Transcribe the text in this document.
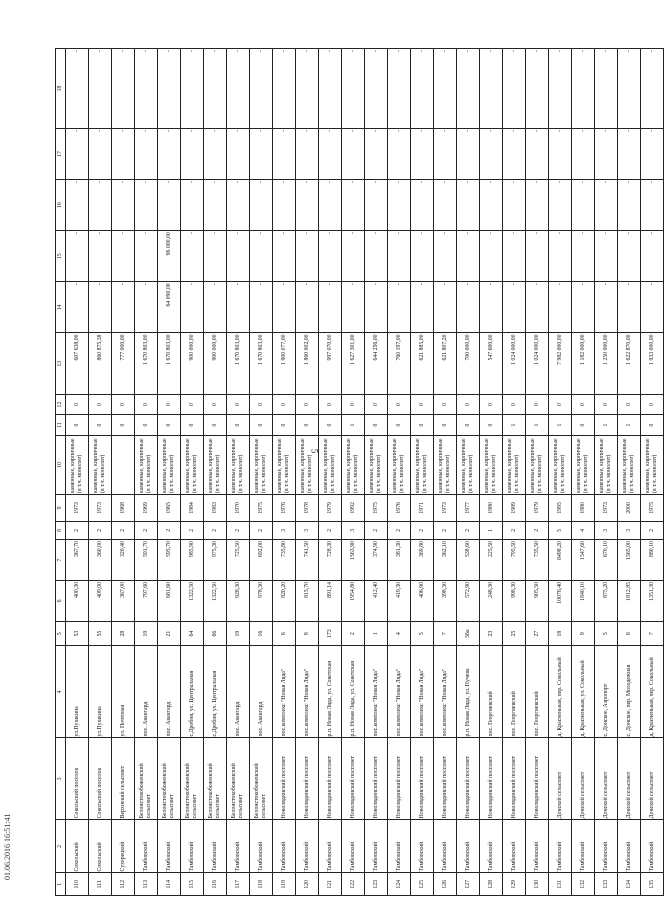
5
1	2	3	4	5	6	7	8	9	10	11	12	13	14	15	16	17	18
110	Сокольский	Сокольский поселок	ул.Пушкина	53	400,30	367,70	2	1973	каменные, кирпичные (в т.ч. монолит)	0	0	607 638,00	-	-	-	-	-
111	Сокольский	Сокольский поселок	ул.Пушкина	55	409,00	360,00	2	1973	каменные, кирпичные (в т.ч. монолит)	0	0	860 875,38	-	-	-	-	-
112	Сухорецкий	Верхнекий сельсовет	ул. Почтовая	28	367,00	320,40	2	1968		0	0	777 000,00	-	-	-	-	-
113	Тамбовский	Белоистокобоженский сельсовет	пос. Авангард	19	797,60	591,70	2	1969	каменные, кирпичные (в т.ч. монолит)	0	0	1 670 803,00	-	-	-	-	-
114	Тамбовский	Белоистокобоженский сельсовет	пос. Авангард	21	681,60	595,70	2	1965	каменные, кирпичные (в т.ч. монолит)	0	0	1 670 803,00	64 090,00	96 000,00	-	-	-
115	Тамбовский	Белоистокобоженский сельсовет	с.Дробня, ул. Центральная	64	1322,50	985,90	2	1984	каменные, кирпичные (в т.ч. монолит)	0	0	900 000,00	-	-	-	-	-
116	Тамбовский	Белоистокобоженский сельсовет	с.Дробня, ул. Центральная	66	1322,50	975,30	2	1983	каменные, кирпичные (в т.ч. монолит)	0	0	900 000,00	-	-	-	-	-
117	Тамбовский	Белоистокобоженский сельсовет	пос. Авангард	19	928,30	725,50	2	1970	каменные, кирпичные (в т.ч. монолит)	0	0	1 670 803,00	-	-	-	-	-
118	Тамбовский	Белоистокобоженский сельсовет	пос. Авангард	16	978,30	692,00	2	1975	каменные, кирпичные (в т.ч. монолит)	0	0	1 670 803,00	-	-	-	-	-
119	Тамбовский	Новолядинский поссовет	пос.комплекс "Новая Ляда"	6	820,20	735,80	3	1976	каменные, кирпичные (в т.ч. монолит)	0	0	1 900 077,00	-	-	-	-	-
120	Тамбовский	Новолядинский поссовет	пос.комплекс "Новая Ляда"	8	815,70	741,50	3	1978	каменные, кирпичные (в т.ч. монолит)	0	0	1 860 002,00	-	-	-	-	-
121	Тамбовский	Новолядинский поссовет	р.п. Новая Ляда, ул. Советская	173	891,14	728,30	2	1979	каменные, кирпичные (в т.ч. монолит)	0	0	997 070,00	-	-	-	-	-
122	Тамбовский	Новолядинский поссовет	р.п. Новая Ляда, ул. Советская	2	1954,80	1563,90	3	1992	каменные, кирпичные (в т.ч. монолит)	1	0	1 627 301,00	-	-	-	-	-
123	Тамбовский	Новолядинский поссовет	пос.комплекс "Новая Ляда"	1	412,40	374,90	2	1975	каменные, кирпичные (в т.ч. монолит)	0	0	644 256,00	-	-	-	-	-
124	Тамбовский	Новолядинский поссовет	пос.комплекс "Новая Ляда"	4	419,30	381,30	2	1976	каменные, кирпичные (в т.ч. монолит)	0	0	760 197,00	-	-	-	-	-
125	Тамбовский	Новолядинский поссовет	пос.комплекс "Новая Ляда"	5	406,90	369,80	2	1971	каменные, кирпичные (в т.ч. монолит)	0	0	621 885,00	-	-	-	-	-
126	Тамбовский	Новолядинский поссовет	пос.комплекс "Новая Ляда"	7	398,30	362,10	2	1973	каменные, кирпичные (в т.ч. монолит)	0	0	621 807,20	-	-	-	-	-
127	Тамбовский	Новолядинский поссовет	р.п. Новая Ляда, ул. Пучева	56а	572,90	538,60	2	1977	каменные, кирпичные (в т.ч. монолит)	0	0	700 000,00	-	-	-	-	-
128	Тамбовский	Новолядинский поссовет	пос. Георгиевский	23	248,30	225,50	1	1980	каменные, кирпичные (в т.ч. монолит)	0	0	547 600,00	-	-	-	-	-
129	Тамбовский	Новолядинский поссовет	пос. Георгиевский	25	998,30	795,50	2	1989	каменные, кирпичные (в т.ч. монолит)	1	0	1 024 000,00	-	-	-	-	-
130	Тамбовский	Новолядинский поссовет	пос. Георгиевский	27	905,50	735,50	2	1979	каменные, кирпичные (в т.ч. монолит)	1	0	1 024 000,00	-	-	-	-	-
131	Тамбовский	Донской сельсовет	д. Красненькая, пер. Сокольный	18	10076,40	8498,20	5	1995	каменные, кирпичные (в т.ч. монолит)	1	0	7 982 000,00	-	-	-	-	-
132	Тамбовский	Донской сельсовет	д. Красненькая, ул. Сокольный	9	1840,10	1547,60	4	1980	каменные, кирпичные (в т.ч. монолит)	0	0	1 182 000,00	-	-	-	-	-
133	Тамбовский	Донской сельсовет	с. Донское, Аэропорт	5	875,20	670,10	3	1973	каменные, кирпичные (в т.ч. монолит)	1	0	1 250 000,00	-	-	-	-	-
134	Тамбовский	Донской сельсовет	с. Донское, пер. Молодежная	8	1812,85	1565,00	3	2000	каменные, кирпичные (в т.ч. монолит)	1	0	1 622 870,00	-	-	-	-	-
135	Тамбовский	Донской сельсовет	д. Красненькая, пер. Сокольный	7	1351,30	880,10	2	1975	каменные, кирпичные (в т.ч. монолит)	0	0	1 933 000,00	-	-	-	-	-
01.06.2016 16:51:41
